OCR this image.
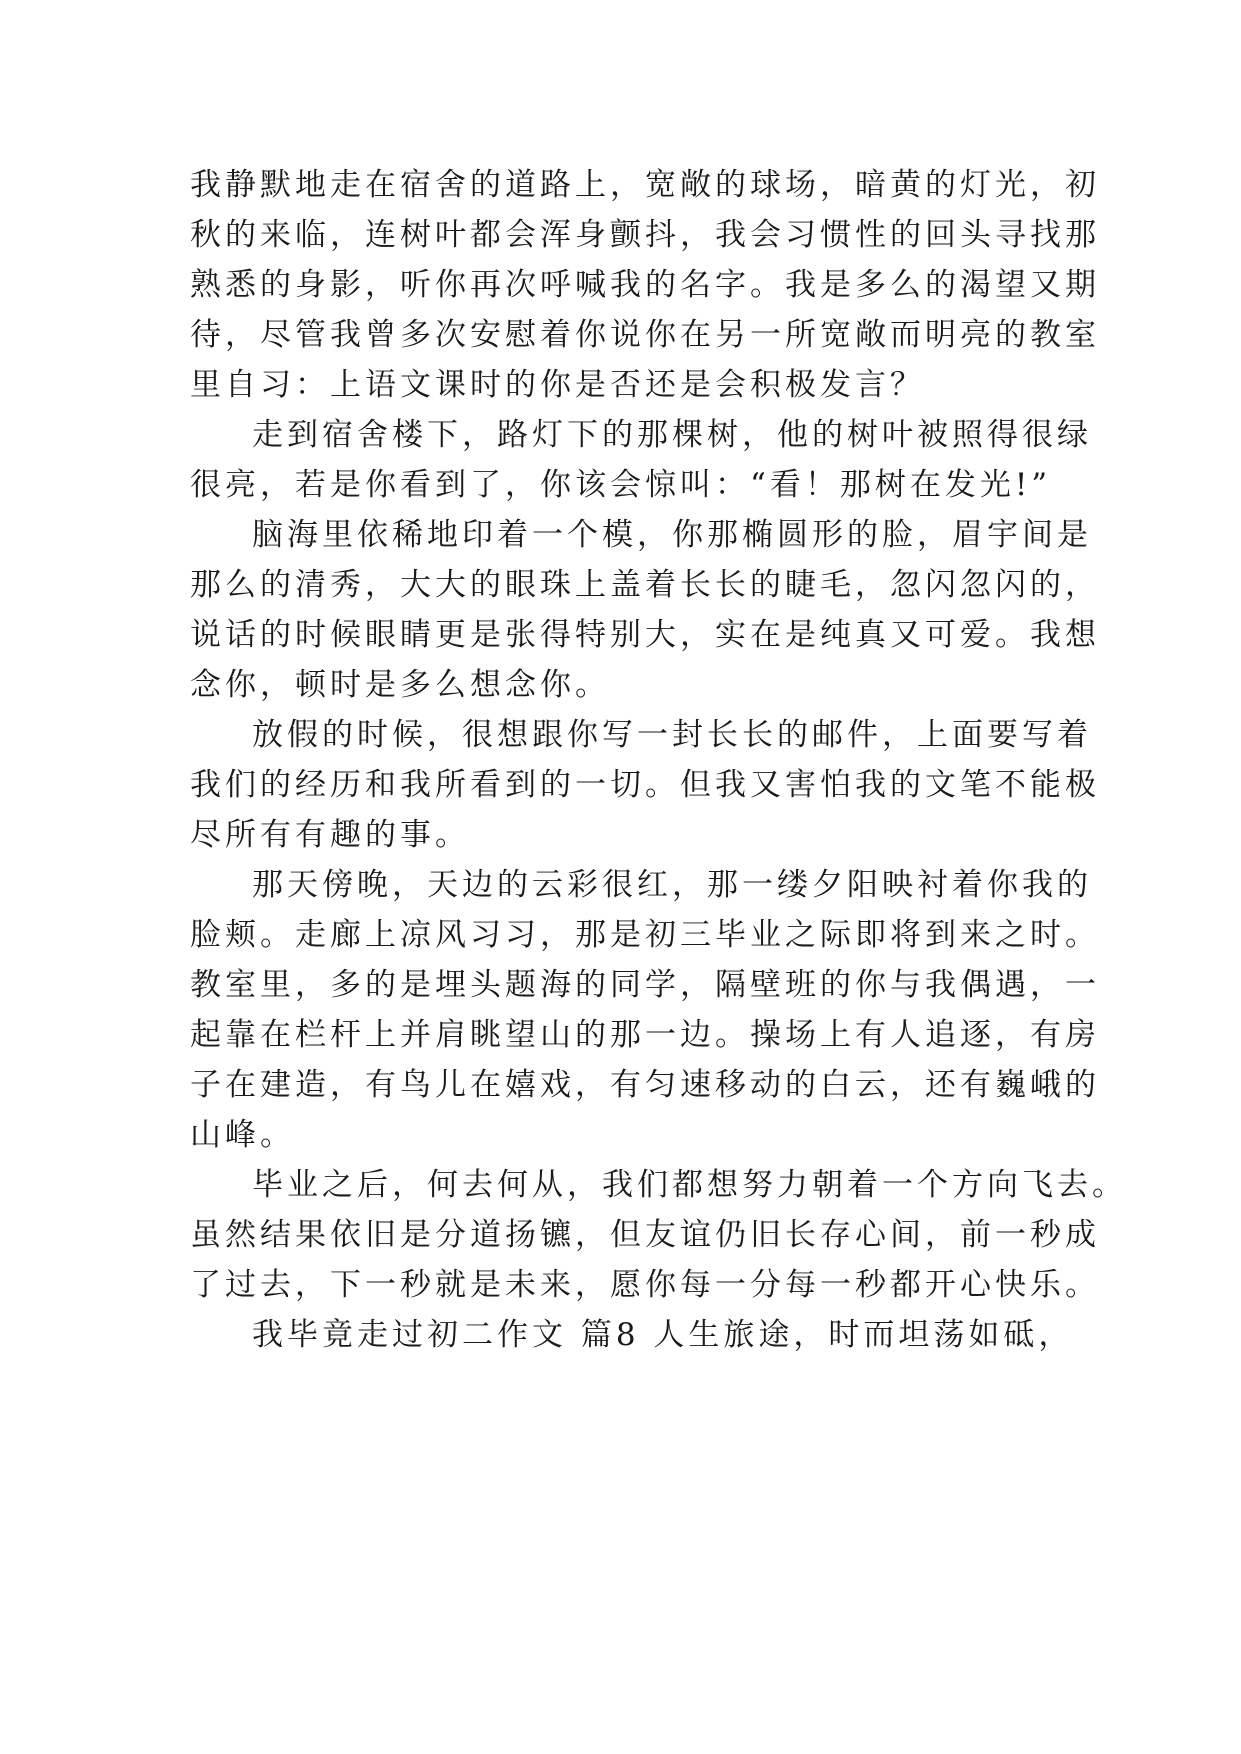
我静默地走在宿舍的道路上，宽敞的球场，暗黄的灯光，初
秋的来临，连树叶都会浑身颤抖，我会习惯性的回头寻找那
熟悉的身影，听你再次呼喊我的名字。我是多么的渴望又期
待，尽管我曾多次安慰着你说你在另一所宽敞而明亮的教室
里自习：上语文课时的你是否还是会积极发言？
走到宿舍楼下，路灯下的那棵树，他的树叶被照得很绿
很亮，若是你看到了，你该会惊叫：“看！那树在发光!”
脑海里依稀地印着一个模，你那椭圆形的脸，眉宇间是
那么的清秀，大大的眼珠上盖着长长的睫毛，忽闪忽闪的，
说话的时候眼睛更是张得特别大，实在是纯真又可爱。我想
念你，顿时是多么想念你。
放假的时候，很想跟你写一封长长的邮件，上面要写着
我们的经历和我所看到的一切。但我又害怕我的文笔不能极
尽所有有趣的事。
那天傍晚，天边的云彩很红，那一缕夕阳映衬着你我的
脸颊。走廊上凉风习习，那是初三毕业之际即将到来之时。
教室里，多的是埋头题海的同学，隔壁班的你与我偶遇，一
起靠在栏杆上并肩眺望山的那一边。操场上有人追逐，有房
子在建造，有鸟儿在嬉戏，有匀速移动的白云，还有巍峨的
山峰。
毕业之后，何去何从，我们都想努力朝着一个方向飞去。
虽然结果依旧是分道扬镳，但友谊仍旧长存心间，前一秒成
了过去，下一秒就是未来，愿你每一分每一秒都开心快乐。
我毕竟走过初二作文 篇8 人生旅途，时而坦荡如砥，
